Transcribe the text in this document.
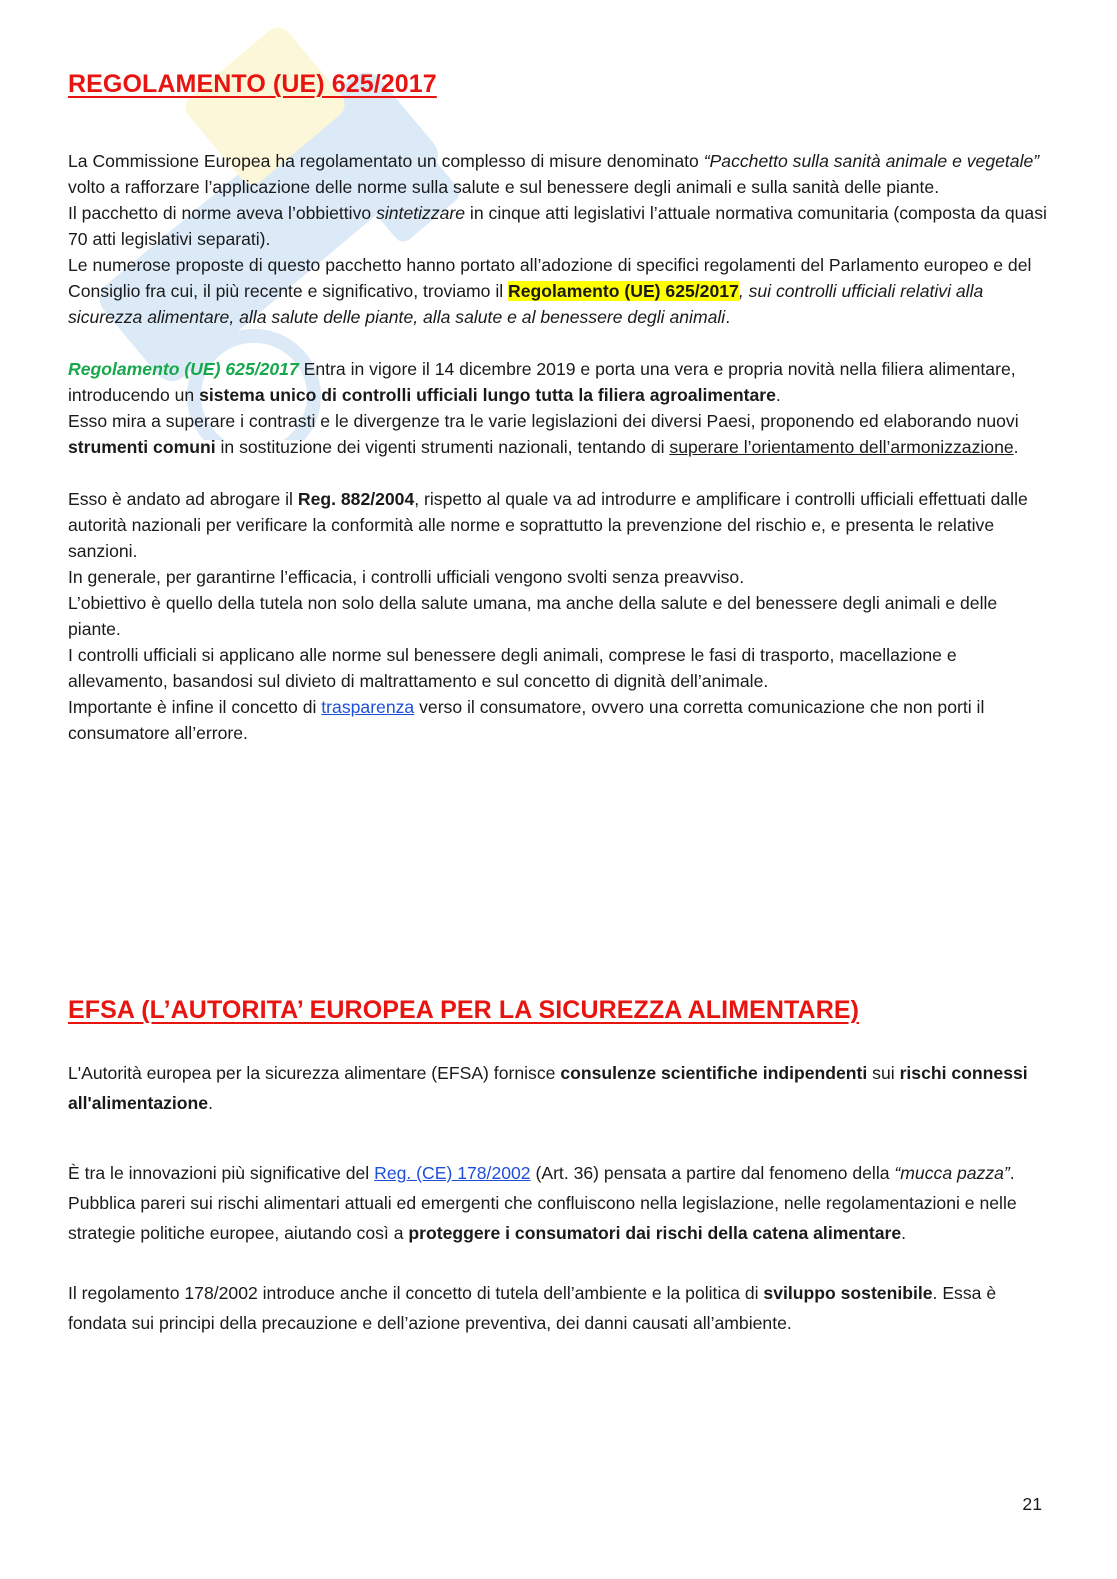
REGOLAMENTO (UE) 625/2017

La Commissione Europea ha regolamentato un complesso di misure denominato “Pacchetto sulla sanità animale e vegetale” volto a rafforzare l’applicazione delle norme sulla salute e sul benessere degli animali e sulla sanità delle piante.

Il pacchetto di norme aveva l’obbiettivo sintetizzare in cinque atti legislativi l’attuale normativa comunitaria (composta da quasi 70 atti legislativi separati).

Le numerose proposte di questo pacchetto hanno portato all’adozione di specifici regolamenti del Parlamento europeo e del Consiglio fra cui, il più recente e significativo, troviamo il Regolamento (UE) 625/2017, sui controlli ufficiali relativi alla sicurezza alimentare, alla salute delle piante, alla salute e al benessere degli animali.

Regolamento (UE) 625/2017 Entra in vigore il 14 dicembre 2019 e porta una vera e propria novità nella filiera alimentare, introducendo un sistema unico di controlli ufficiali lungo tutta la filiera agroalimentare.

Esso mira a superare i contrasti e le divergenze tra le varie legislazioni dei diversi Paesi, proponendo ed elaborando nuovi strumenti comuni in sostituzione dei vigenti strumenti nazionali, tentando di superare l’orientamento dell’armonizzazione.

Esso è andato ad abrogare il Reg. 882/2004, rispetto al quale va ad introdurre e amplificare i controlli ufficiali effettuati dalle autorità nazionali per verificare la conformità alle norme e soprattutto la prevenzione del rischio e, e presenta le relative sanzioni.

In generale, per garantirne l’efficacia, i controlli ufficiali vengono svolti senza preavviso.

L’obiettivo è quello della tutela non solo della salute umana, ma anche della salute e del benessere degli animali e delle piante.

I controlli ufficiali si applicano alle norme sul benessere degli animali, comprese le fasi di trasporto, macellazione e allevamento, basandosi sul divieto di maltrattamento e sul concetto di dignità dell’animale.

Importante è infine il concetto di trasparenza verso il consumatore, ovvero una corretta comunicazione che non porti il consumatore all’errore.

EFSA (L’AUTORITA’ EUROPEA PER LA SICUREZZA ALIMENTARE)

L'Autorità europea per la sicurezza alimentare (EFSA) fornisce consulenze scientifiche indipendenti sui rischi connessi all'alimentazione.

È tra le innovazioni più significative del Reg. (CE) 178/2002 (Art. 36) pensata a partire dal fenomeno della “mucca pazza”.

Pubblica pareri sui rischi alimentari attuali ed emergenti che confluiscono nella legislazione, nelle regolamentazioni e nelle strategie politiche europee, aiutando così a proteggere i consumatori dai rischi della catena alimentare.

Il regolamento 178/2002 introduce anche il concetto di tutela dell’ambiente e la politica di sviluppo sostenibile. Essa è fondata sui principi della precauzione e dell’azione preventiva, dei danni causati all’ambiente.

21
